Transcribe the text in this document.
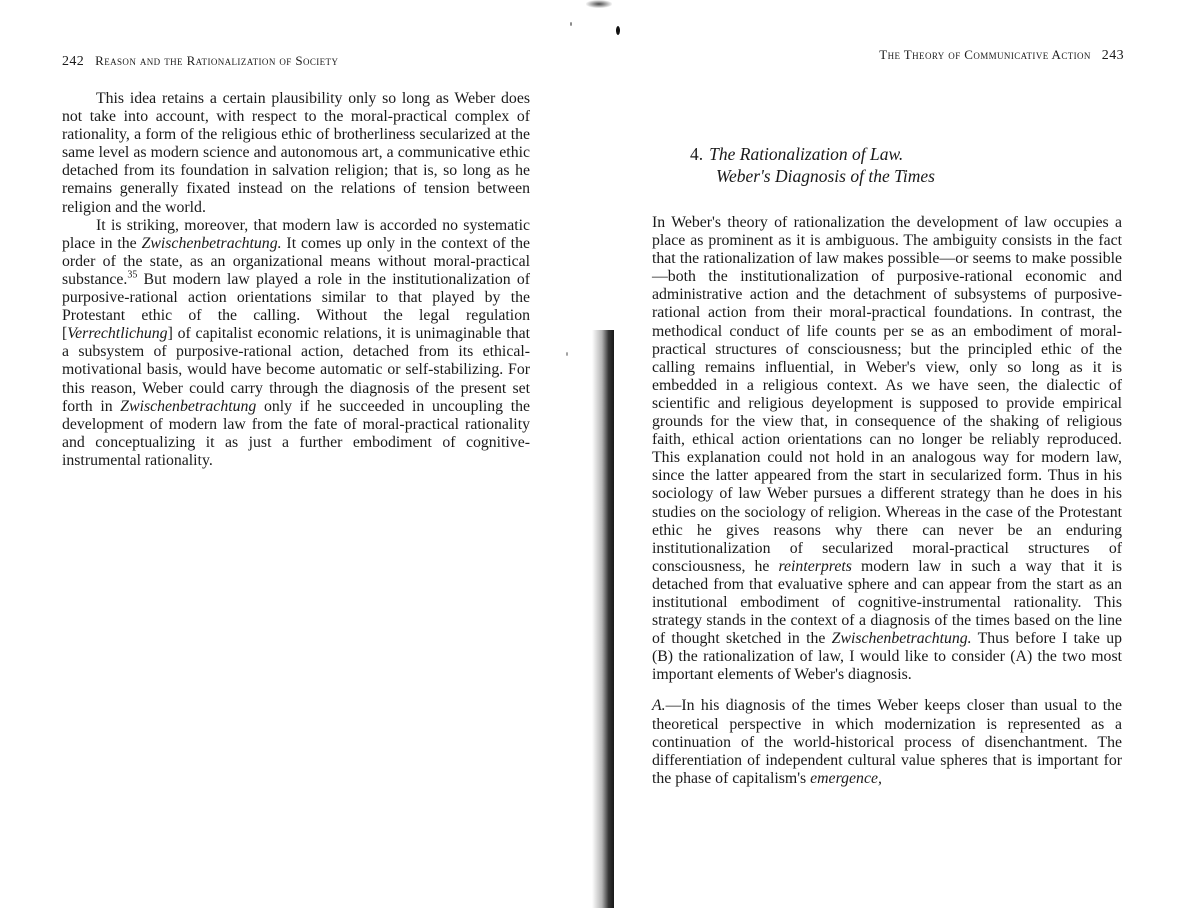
242 Reason and the Rationalization of Society

This idea retains a certain plausibility only so long as Weber does not take into account, with respect to the moral-practical complex of rationality, a form of the religious ethic of brotherliness secularized at the same level as modern science and autonomous art, a communicative ethic detached from its foundation in salvation religion; that is, so long as he remains generally fixated instead on the relations of tension between religion and the world.

It is striking, moreover, that modern law is accorded no systematic place in the Zwischenbetrachtung. It comes up only in the context of the order of the state, as an organizational means without moral-practical substance.$^{35}$ But modern law played a role in the institutionalization of purposive-rational action orientations similar to that played by the Protestant ethic of the calling. Without the legal regulation [Verrechtlichung] of capitalist economic relations, it is unimaginable that a subsystem of purposive-rational action, detached from its ethical-motivational basis, would have become automatic or self-stabilizing. For this reason, Weber could carry through the diagnosis of the present set forth in Zwischenbetrachtung only if he succeeded in uncoupling the development of modern law from the fate of moral-practical rationality and conceptualizing it as just a further embodiment of cognitive-instrumental rationality.

The Theory of Communicative Action 243
4. The Rationalization of Law.
Weber's Diagnosis of the Times

In Weber's theory of rationalization the development of law occupies a place as prominent as it is ambiguous. The ambiguity consists in the fact that the rationalization of law makes possible—or seems to make possible—both the institutionalization of purposive-rational economic and administrative action and the detachment of subsystems of purposive-rational action from their moral-practical foundations. In contrast, the methodical conduct of life counts per se as an embodiment of moral-practical structures of consciousness; but the principled ethic of the calling remains influential, in Weber's view, only so long as it is embedded in a religious context. As we have seen, the dialectic of scientific and religious deyelopment is supposed to provide empirical grounds for the view that, in consequence of the shaking of religious faith, ethical action orientations can no longer be reliably reproduced. This explanation could not hold in an analogous way for modern law, since the latter appeared from the start in secularized form. Thus in his sociology of law Weber pursues a different strategy than he does in his studies on the sociology of religion. Whereas in the case of the Protestant ethic he gives reasons why there can never be an enduring institutionalization of secularized moral-practical structures of consciousness, he reinterprets modern law in such a way that it is detached from that evaluative sphere and can appear from the start as an institutional embodiment of cognitive-instrumental rationality. This strategy stands in the context of a diagnosis of the times based on the line of thought sketched in the Zwischenbetrachtung. Thus before I take up (B) the rationalization of law, I would like to consider (A) the two most important elements of Weber's diagnosis.

A.—In his diagnosis of the times Weber keeps closer than usual to the theoretical perspective in which modernization is represented as a continuation of the world-historical process of disenchantment. The differentiation of independent cultural value spheres that is important for the phase of capitalism's emergence,
